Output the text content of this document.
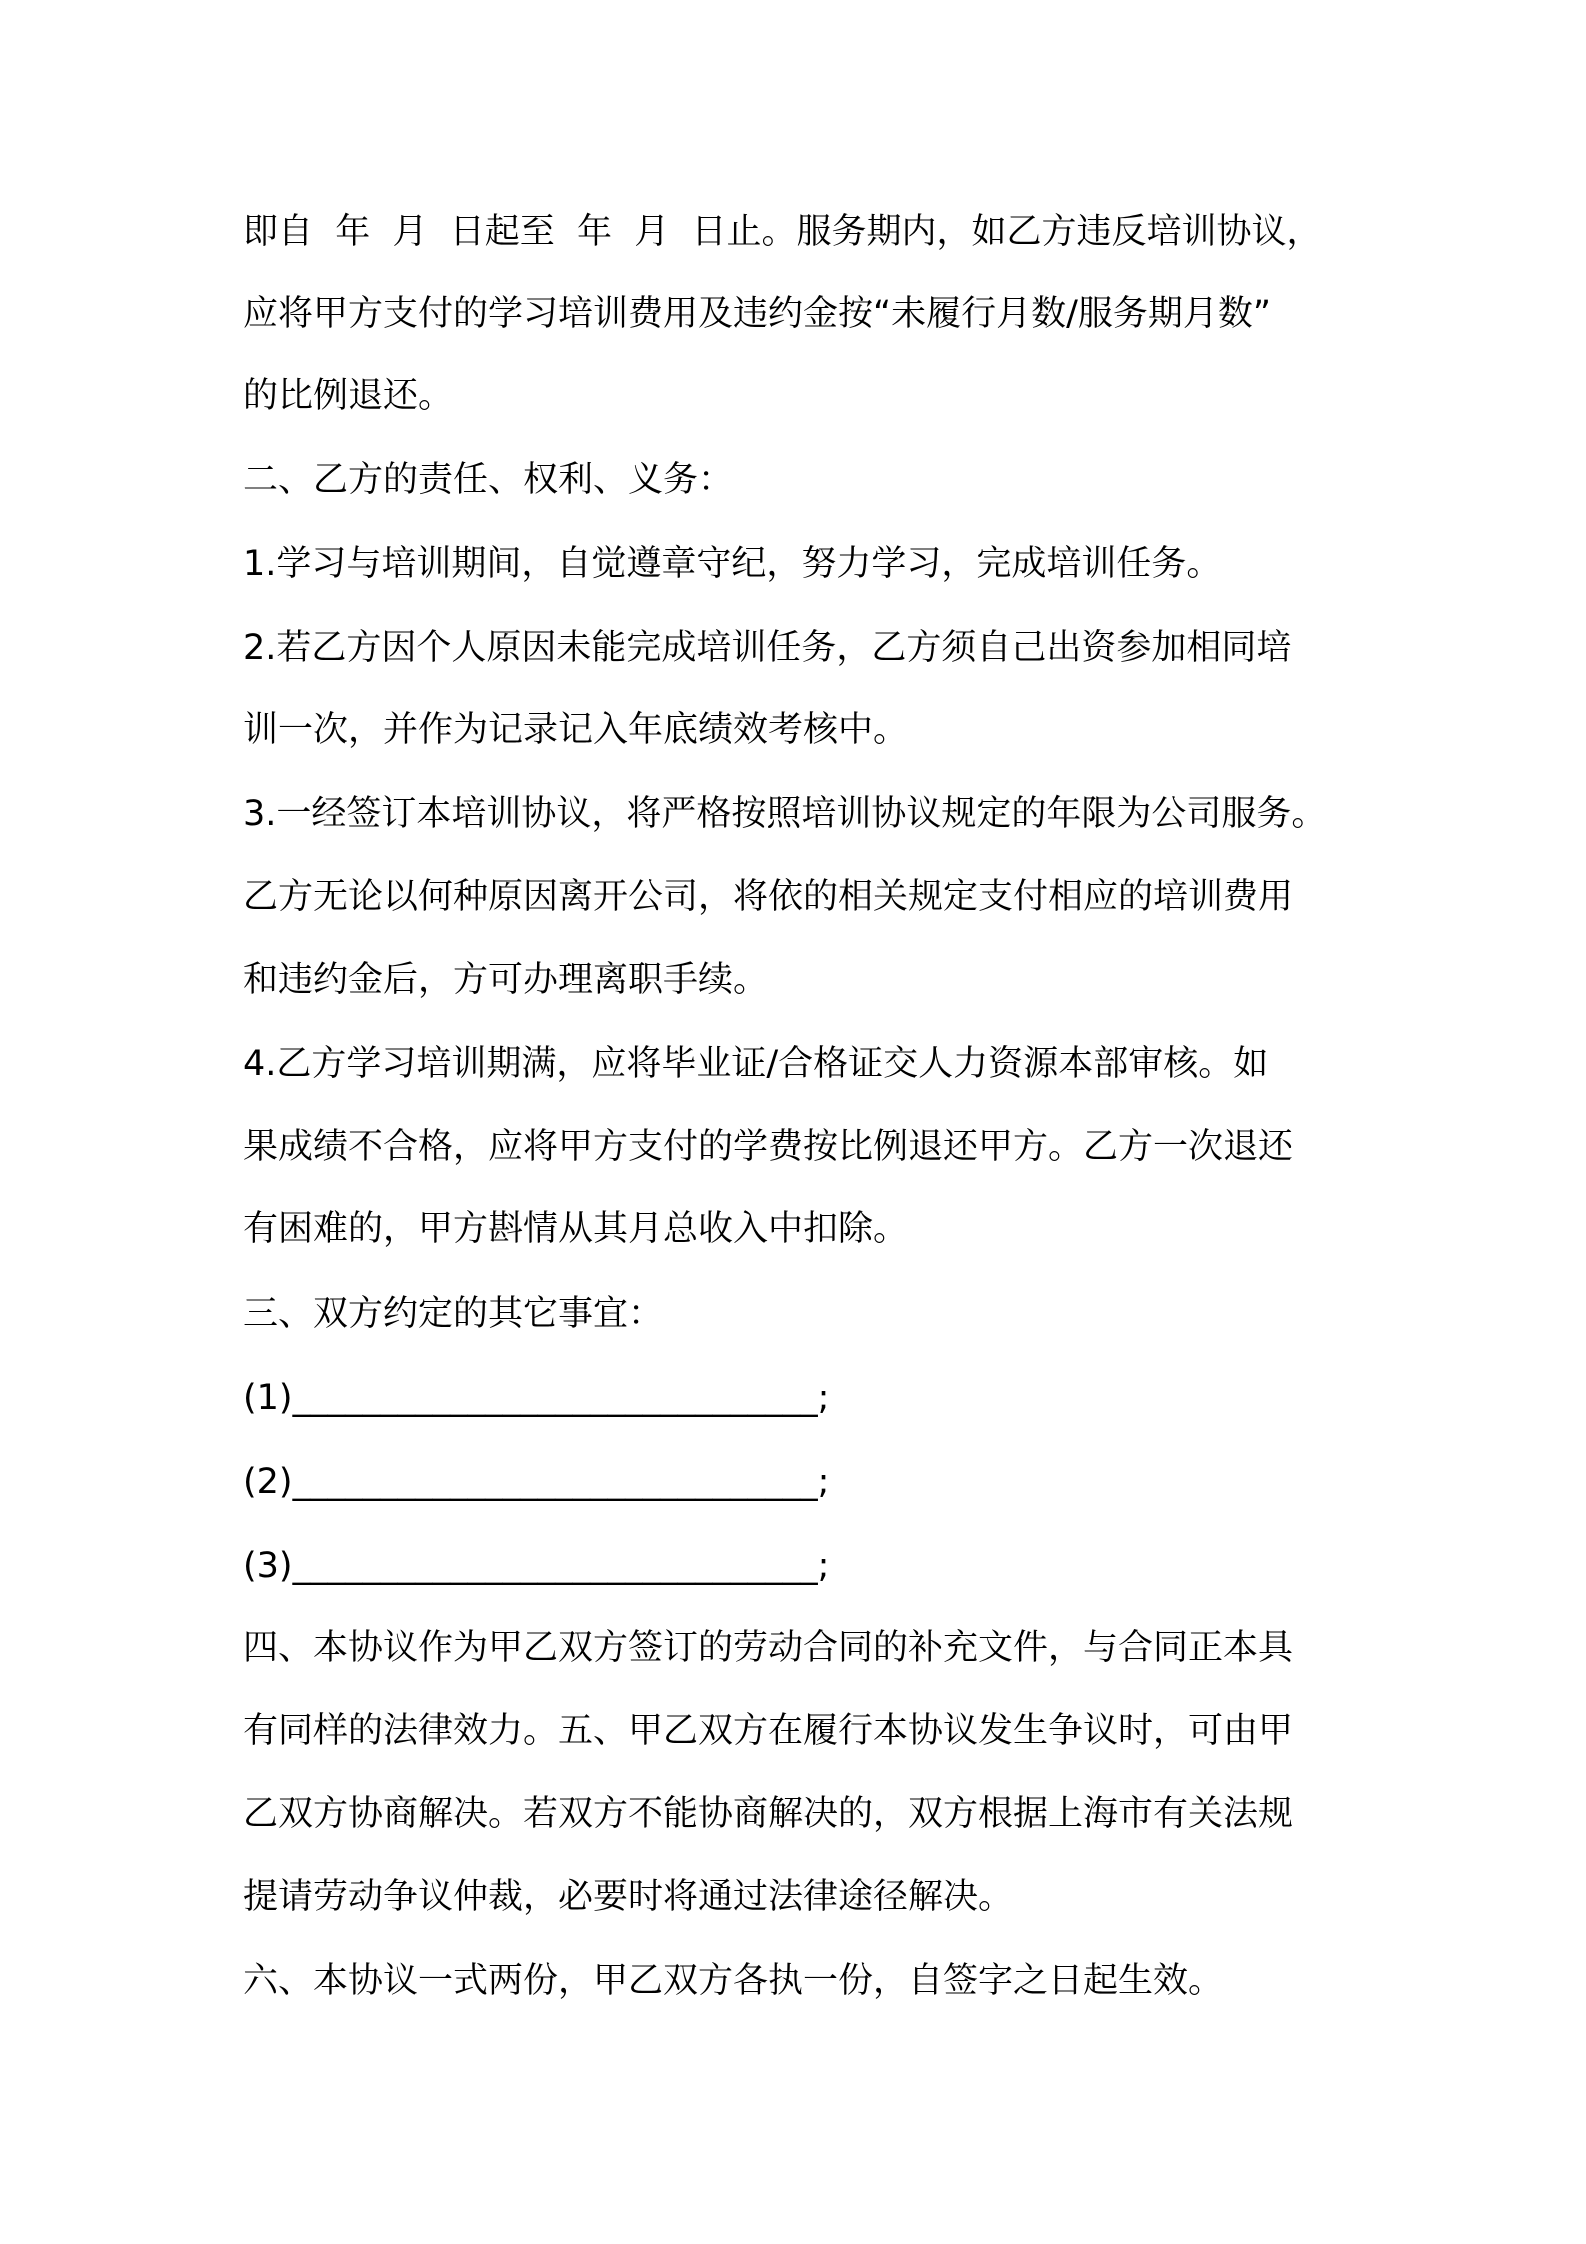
即自  年  月  日起至  年  月  日止。服务期内，如乙方违反培训协议，

应将甲方支付的学习培训费用及违约金按“未履行月数/服务期月数”

的比例退还。

二、乙方的责任、权利、义务：

1.学习与培训期间，自觉遵章守纪，努力学习，完成培训任务。

2.若乙方因个人原因未能完成培训任务，乙方须自己出资参加相同培

训一次，并作为记录记入年底绩效考核中。

3.一经签订本培训协议，将严格按照培训协议规定的年限为公司服务。

乙方无论以何种原因离开公司，将依的相关规定支付相应的培训费用

和违约金后，方可办理离职手续。

4.乙方学习培训期满，应将毕业证/合格证交人力资源本部审核。如

果成绩不合格，应将甲方支付的学费按比例退还甲方。乙方一次退还

有困难的，甲方斟情从其月总收入中扣除。

三、双方约定的其它事宜：

(1)______________________________;

(2)______________________________;

(3)______________________________;

四、本协议作为甲乙双方签订的劳动合同的补充文件，与合同正本具

有同样的法律效力。五、甲乙双方在履行本协议发生争议时，可由甲

乙双方协商解决。若双方不能协商解决的，双方根据上海市有关法规

提请劳动争议仲裁，必要时将通过法律途径解决。

六、本协议一式两份，甲乙双方各执一份，自签字之日起生效。
